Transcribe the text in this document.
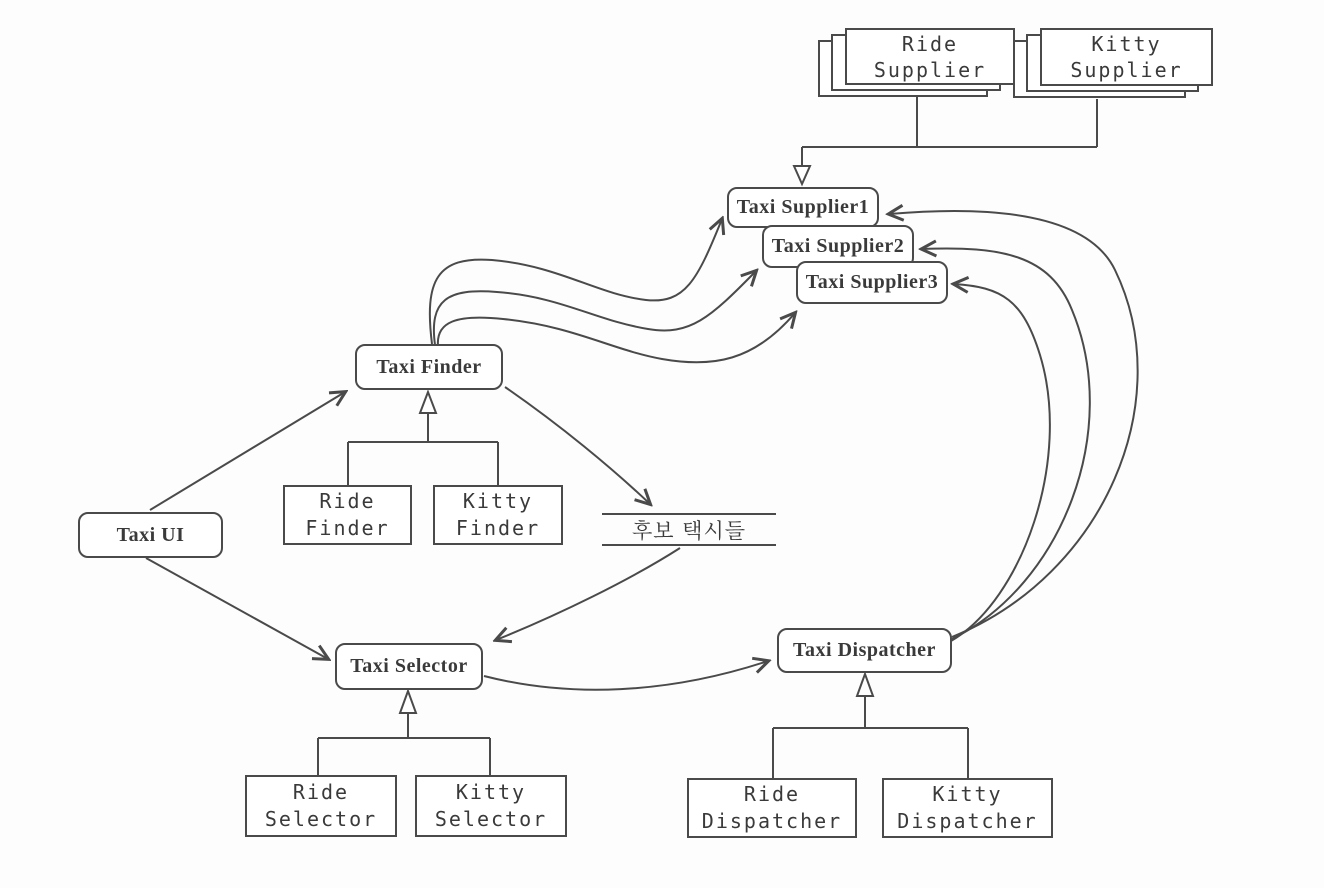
Ride
Supplier
Kitty
Supplier
Taxi Supplier1
Taxi Supplier2
Taxi Supplier3
Taxi Finder
Taxi UI
Taxi Selector
Taxi Dispatcher
Ride
Finder
Kitty
Finder
Ride
Selector
Kitty
Selector
Ride
Dispatcher
Kitty
Dispatcher
후보 택시들
